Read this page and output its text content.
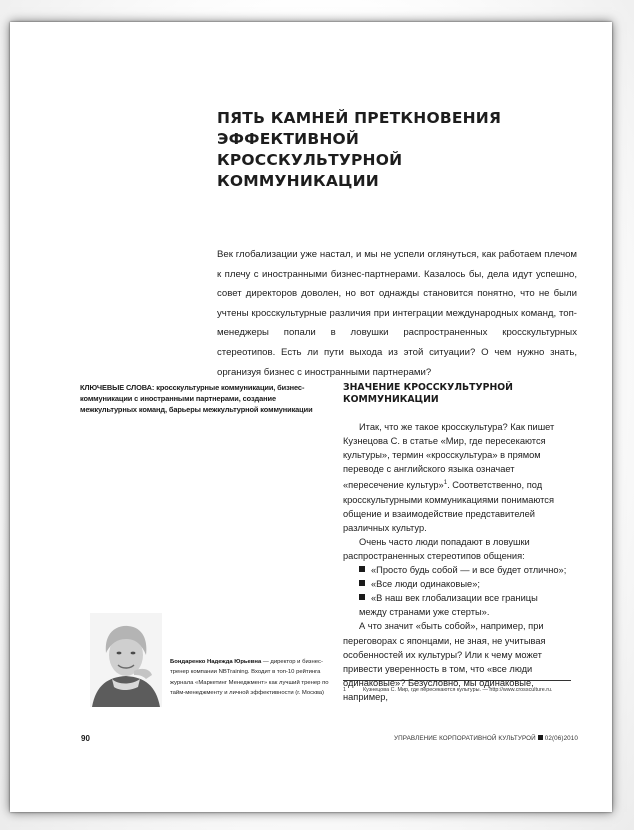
ПЯТЬ КАМНЕЙ ПРЕТКНОВЕНИЯ
ЭФФЕКТИВНОЙ КРОССКУЛЬТУРНОЙ
КОММУНИКАЦИИ

Век глобализации уже настал, и мы не успели оглянуться, как работаем плечом к плечу с иностранными бизнес-партнерами. Казалось бы, дела идут успешно, совет директоров доволен, но вот однажды становится понятно, что не были учтены кросскультурные различия при интеграции международных команд, топ-менеджеры попали в ловушки распространенных кросскультурных стереотипов. Есть ли пути выхода из этой ситуации? О чем нужно знать, организуя бизнес с иностранными партнерами?

КЛЮЧЕВЫЕ СЛОВА: кросскультурные коммуникации, бизнес-коммуникации с иностранными партнерами, создание межкультурных команд, барьеры межкультурной коммуникации

ЗНАЧЕНИЕ КРОССКУЛЬТУРНОЙ
КОММУНИКАЦИИ

Итак, что же такое кросскультура? Как пишет Кузнецова С. в статье «Мир, где пересекаются культуры», термин «кросскультура» в прямом переводе с английского языка означает «пересечение культур»$^1$. Соответственно, под кросскультурными коммуникациями понимаются общение и взаимодействие представителей различных культур.

Очень часто люди попадают в ловушки распространенных стереотипов общения:

«Просто будь собой — и все будет отлично»;

«Все люди одинаковые»;

«В наш век глобализации все границы между странами уже стерты».

А что значит «быть собой», например, при переговорах с японцами, не зная, не учитывая особенностей их культуры? Или к чему может привести уверенность в том, что «все люди одинаковые»? Безусловно, мы одинаковые, например,

1	Кузнецова С. Мир, где пересекаются культуры. — http://www.crossculture.ru.

Бондаренко Надежда Юрьевна — директор и бизнес-тренер компании NBTraining. Входит в топ-10 рейтинга журнала «Маркетинг Менеджмент» как лучший тренер по тайм-менеджменту и личной эффективности (г. Москва)

90	УПРАВЛЕНИЕ КОРПОРАТИВНОЙ КУЛЬТУРОЙ 02(06)2010
